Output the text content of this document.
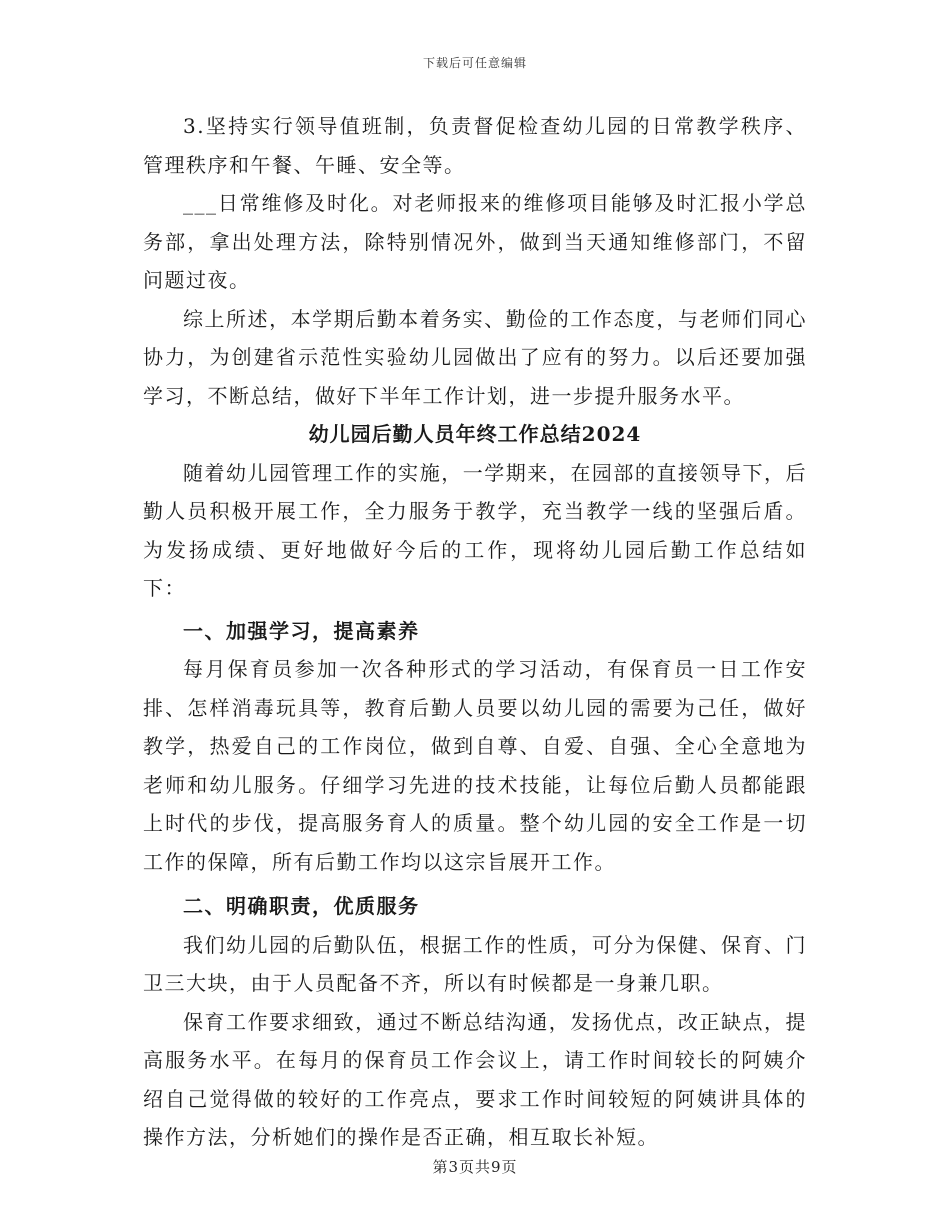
下载后可任意编辑

3.坚持实行领导值班制，负责督促检查幼儿园的日常教学秩序、管理秩序和午餐、午睡、安全等。

___日常维修及时化。对老师报来的维修项目能够及时汇报小学总务部，拿出处理方法，除特别情况外，做到当天通知维修部门，不留问题过夜。

综上所述，本学期后勤本着务实、勤俭的工作态度，与老师们同心协力，为创建省示范性实验幼儿园做出了应有的努力。以后还要加强学习，不断总结，做好下半年工作计划，进一步提升服务水平。

幼儿园后勤人员年终工作总结2024

随着幼儿园管理工作的实施，一学期来，在园部的直接领导下，后勤人员积极开展工作，全力服务于教学，充当教学一线的坚强后盾。为发扬成绩、更好地做好今后的工作，现将幼儿园后勤工作总结如下：

一、加强学习，提高素养

每月保育员参加一次各种形式的学习活动，有保育员一日工作安排、怎样消毒玩具等，教育后勤人员要以幼儿园的需要为己任，做好教学，热爱自己的工作岗位，做到自尊、自爱、自强、全心全意地为老师和幼儿服务。仔细学习先进的技术技能，让每位后勤人员都能跟上时代的步伐，提高服务育人的质量。整个幼儿园的安全工作是一切工作的保障，所有后勤工作均以这宗旨展开工作。

二、明确职责，优质服务

我们幼儿园的后勤队伍，根据工作的性质，可分为保健、保育、门卫三大块，由于人员配备不齐，所以有时候都是一身兼几职。

保育工作要求细致，通过不断总结沟通，发扬优点，改正缺点，提高服务水平。在每月的保育员工作会议上，请工作时间较长的阿姨介绍自己觉得做的较好的工作亮点，要求工作时间较短的阿姨讲具体的操作方法，分析她们的操作是否正确，相互取长补短。

第3页共9页
